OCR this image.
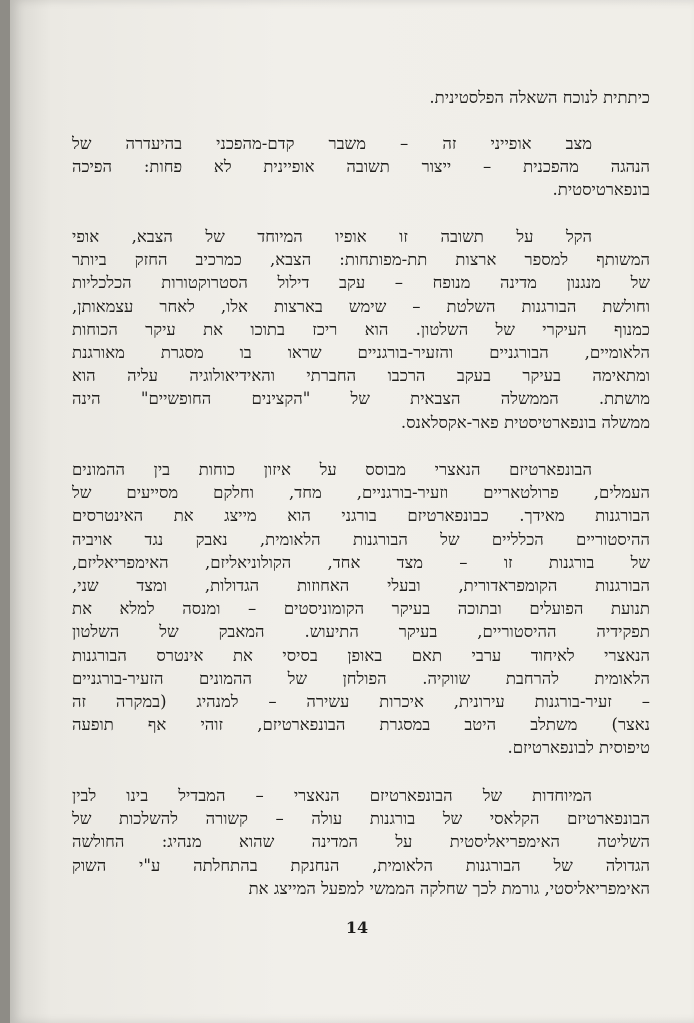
כיתתית לנוכח השאלה הפלסטינית.
מצב אופייני זה – משבר קדם-מהפכני בהיעדרה של
הנהגה מהפכנית – ייצור תשובה אופיינית לא פחות: הפיכה
בונפארטיסטית.
הקל על תשובה זו אופיו המיוחד של הצבא, אופי
המשותף למספר ארצות תת-מפותחות: הצבא, כמרכיב החזק ביותר
של מנגנון מדינה מנופח – עקב דילול הסטרוקטורות הכלכליות
וחולשת הבורגנות השלטת – שימש בארצות אלו, לאחר עצמאותן,
כמנוף העיקרי של השלטון. הוא ריכז בתוכו את עיקר הכוחות
הלאומיים, הבורגניים והזעיר-בורגניים שראו בו מסגרת מאורגנת
ומתאימה בעיקר בעקב הרכבו החברתי והאידיאולוגיה עליה הוא
מושתת. הממשלה הצבאית של "הקצינים החופשיים" הינה
ממשלה בונפארטיסטית פאר-אקסלאנס.
הבונפארטיזם הנאצרי מבוסס על איזון כוחות בין ההמונים
העמלים, פרולטאריים וזעיר-בורגניים, מחד, וחלקם מסייעים של
הבורגנות מאידך. כבונפארטיזם בורגני הוא מייצג את האינטרסים
ההיסטוריים הכלליים של הבורגנות הלאומית, נאבק נגד אויביה
של בורגנות זו – מצד אחד, הקולוניאליזם, האימפריאליזם,
הבורגנות הקומפראדורית, ובעלי האחוזות הגדולות, ומצד שני,
תנועת הפועלים ובתוכה בעיקר הקומוניסטים – ומנסה למלא את
תפקידיה ההיסטוריים, בעיקר התיעוש. המאבק של השלטון
הנאצרי לאיחוד ערבי תאם באופן בסיסי את אינטרס הבורגנות
הלאומית להרחבת שווקיה. הפולחן של ההמונים הזעיר-בורגניים
– זעיר-בורגנות עירונית, איכרות עשירה – למנהיג (במקרה זה
נאצר) משתלב היטב במסגרת הבונפארטיזם, זוהי אף תופעה
טיפוסית לבונפארטיזם.
המיוחדות של הבונפארטיזם הנאצרי – המבדיל בינו לבין
הבונפארטיזם הקלאסי של בורגנות עולה – קשורה להשלכות של
השליטה האימפריאליסטית על המדינה שהוא מנהיג: החולשה
הגדולה של הבורגנות הלאומית, הנחנקת בהתחלתה ע"י השוק
האימפריאליסטי, גורמת לכך שחלקה הממשי למפעל המייצג את
14
